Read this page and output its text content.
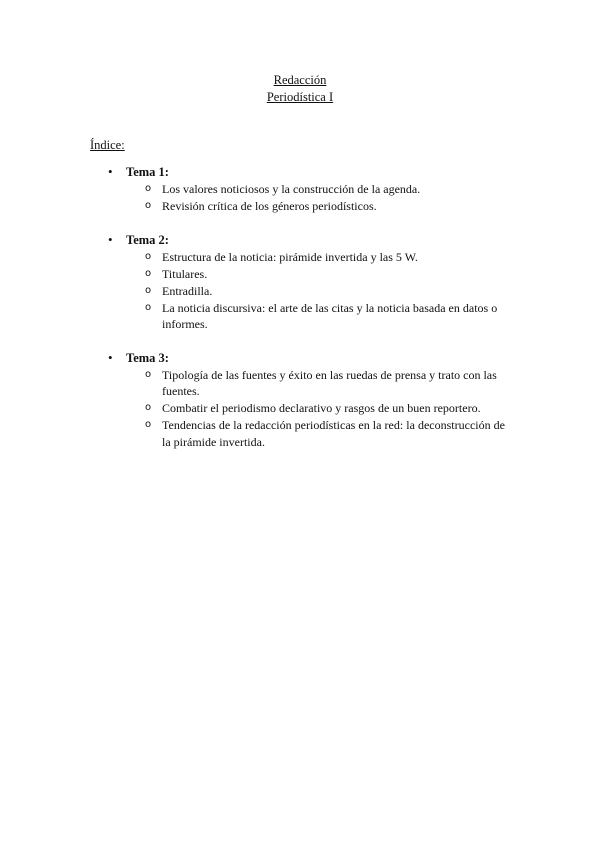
Redacción
Periodística I
Índice:
• Tema 1:
o Los valores noticiosos y la construcción de la agenda.
o Revisión crítica de los géneros periodísticos.
• Tema 2:
o Estructura de la noticia: pirámide invertida y las 5 W.
o Titulares.
o Entradilla.
o La noticia discursiva: el arte de las citas y la noticia basada en datos o informes.
• Tema 3:
o Tipología de las fuentes y éxito en las ruedas de prensa y trato con las fuentes.
o Combatir el periodismo declarativo y rasgos de un buen reportero.
o Tendencias de la redacción periodísticas en la red: la deconstrucción de la pirámide invertida.
